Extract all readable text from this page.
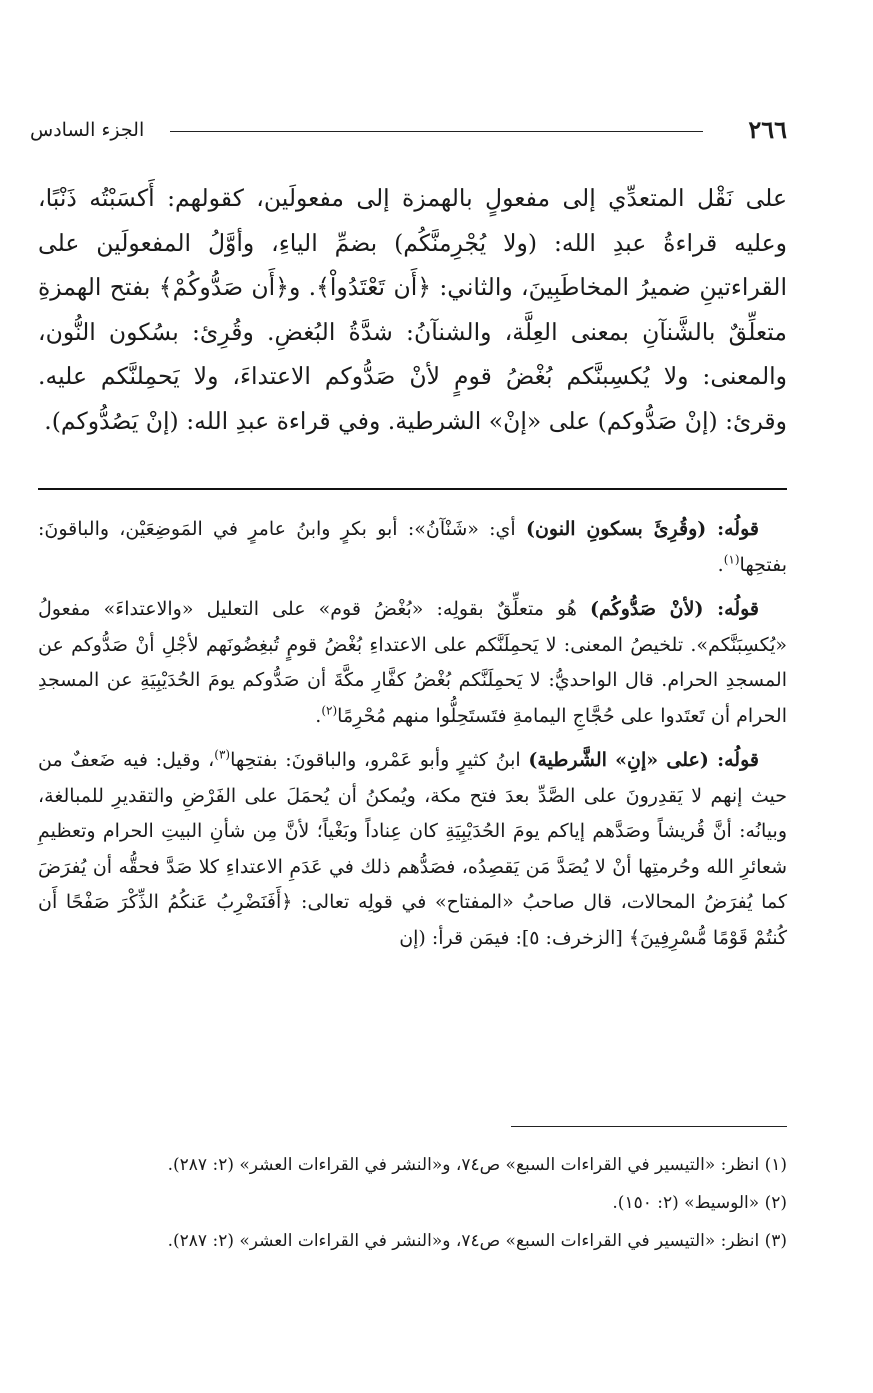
٢٦٦
الجزء السادس

على نَقْل المتعدِّي إلى مفعولٍ بالهمزة إلى مفعولَين، كقولهم: أَكسَبْتُه ذَنْبًا، وعليه قراءةُ عبدِ الله: (ولا يُجْرِمنَّكُم) بضمِّ الياءِ، وأوَّلُ المفعولَين على القراءتينِ ضميرُ المخاطَبِينَ، والثاني: ﴿أَن تَعْتَدُواْ﴾. و﴿أَن صَدُّوكُمْ﴾ بفتح الهمزةِ متعلِّقٌ بالشَّنآنِ بمعنى العِلَّة، والشنآنُ: شدَّةُ البُغضِ. وقُرِئ: بسُكون النُّون، والمعنى: ولا يُكسِبنَّكم بُغْضُ قومٍ لأنْ صَدُّوكم الاعتداءَ، ولا يَحمِلنَّكم عليه. وقرئ: (إنْ صَدُّوكم) على «إنْ» الشرطية. وفي قراءة عبدِ الله: (إنْ يَصُدُّوكم).

قولُه: (وقُرِئَ بسكونِ النون) أي: «شَنْآنُ»: أبو بكرٍ وابنُ عامرٍ في المَوضِعَيْن، والباقونَ: بفتحِها$^{(١)}$.

قولُه: (لأنْ صَدُّوكُم) هُو متعلِّقٌ بقولِه: «بُغْضُ قوم» على التعليل «والاعتداءَ» مفعولُ «يُكسِبَنَّكم». تلخيصُ المعنى: لا يَحمِلَنَّكم على الاعتداءِ بُغْضُ قومٍ تُبغِضُونَهم لأجْلِ أنْ صَدُّوكم عن المسجدِ الحرام. قال الواحديُّ: لا يَحمِلَنَّكم بُغْضُ كفَّارِ مكَّةَ أن صَدُّوكم يومَ الحُدَيْبِيَةِ عن المسجدِ الحرام أن تَعتَدوا على حُجَّاجِ اليمامةِ فتَستَحِلُّوا منهم مُحْرِمًا$^{(٢)}$.

قولُه: (على «إنِ» الشَّرطية) ابنُ كثيرٍ وأبو عَمْرو، والباقونَ: بفتحِها$^{(٣)}$، وقيل: فيه ضَعفٌ من حيث إنهم لا يَقدِرونَ على الصَّدِّ بعدَ فتح مكة، ويُمكنُ أن يُحمَلَ على الفَرْضِ والتقديرِ للمبالغة، وبيانُه: أنَّ قُريشاً وصَدَّهم إياكم يومَ الحُدَيْبِيَةِ كان عِناداً وبَغْياً؛ لأنَّ مِن شأنِ البيتِ الحرام وتعظيمِ شعائرِ الله وحُرمتِها أنْ لا يُصَدَّ مَن يَقصِدُه، فصَدُّهم ذلك في عَدَمِ الاعتداءِ كلا صَدَّ فحقُّه أن يُفرَضَ كما يُفرَضُ المحالات، قال صاحبُ «المفتاح» في قولِه تعالى: ﴿أَفَنَضْرِبُ عَنكُمُ الذِّكْرَ صَفْحًا أَن كُنتُمْ قَوْمًا مُّسْرِفِينَ﴾ [الزخرف: ٥]: فيمَن قرأ: (إن

(١) انظر: «التيسير في القراءات السبع» ص٧٤، و«النشر في القراءات العشر» (٢: ٢٨٧).

(٢) «الوسيط» (٢: ١٥٠).

(٣) انظر: «التيسير في القراءات السبع» ص٧٤، و«النشر في القراءات العشر» (٢: ٢٨٧).
